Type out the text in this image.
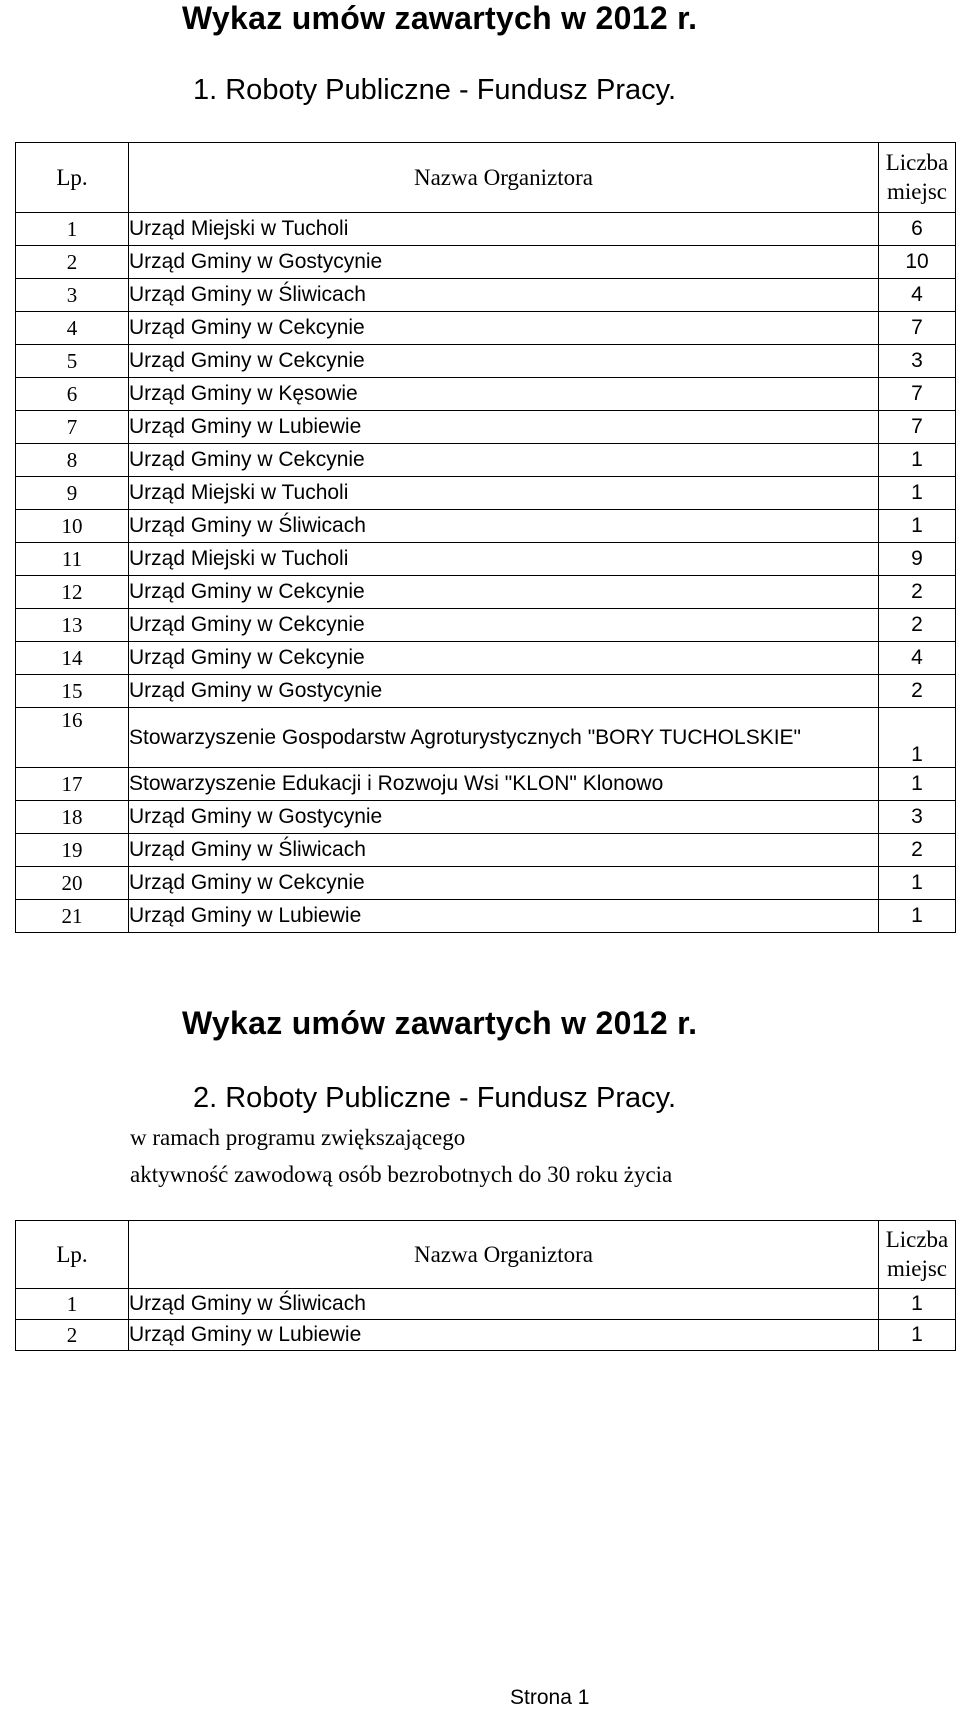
Wykaz umów zawartych w 2012 r.
1. Roboty Publiczne - Fundusz Pracy.
Lp.	Nazwa Organiztora	Liczba
miejsc
1	Urząd Miejski w Tucholi	6
2	Urząd Gminy w Gostycynie	10
3	Urząd Gminy w Śliwicach	4
4	Urząd Gminy w Cekcynie	7
5	Urząd Gminy w Cekcynie	3
6	Urząd Gminy w Kęsowie	7
7	Urząd Gminy w Lubiewie	7
8	Urząd Gminy w Cekcynie	1
9	Urząd Miejski w Tucholi	1
10	Urząd Gminy w Śliwicach	1
11	Urząd Miejski w Tucholi	9
12	Urząd Gminy w Cekcynie	2
13	Urząd Gminy w Cekcynie	2
14	Urząd Gminy w Cekcynie	4
15	Urząd Gminy w Gostycynie	2
16	Stowarzyszenie Gospodarstw Agroturystycznych "BORY TUCHOLSKIE"	1
17	Stowarzyszenie Edukacji i Rozwoju Wsi "KLON" Klonowo	1
18	Urząd Gminy w Gostycynie	3
19	Urząd Gminy w Śliwicach	2
20	Urząd Gminy w Cekcynie	1
21	Urząd Gminy w Lubiewie	1
Wykaz umów zawartych w 2012 r.
2. Roboty Publiczne - Fundusz Pracy.
w ramach programu zwiększającego
aktywność zawodową osób bezrobotnych do 30 roku życia
Lp.	Nazwa Organiztora	Liczba
miejsc
1	Urząd Gminy w Śliwicach	1
2	Urząd Gminy w Lubiewie	1
Strona 1
